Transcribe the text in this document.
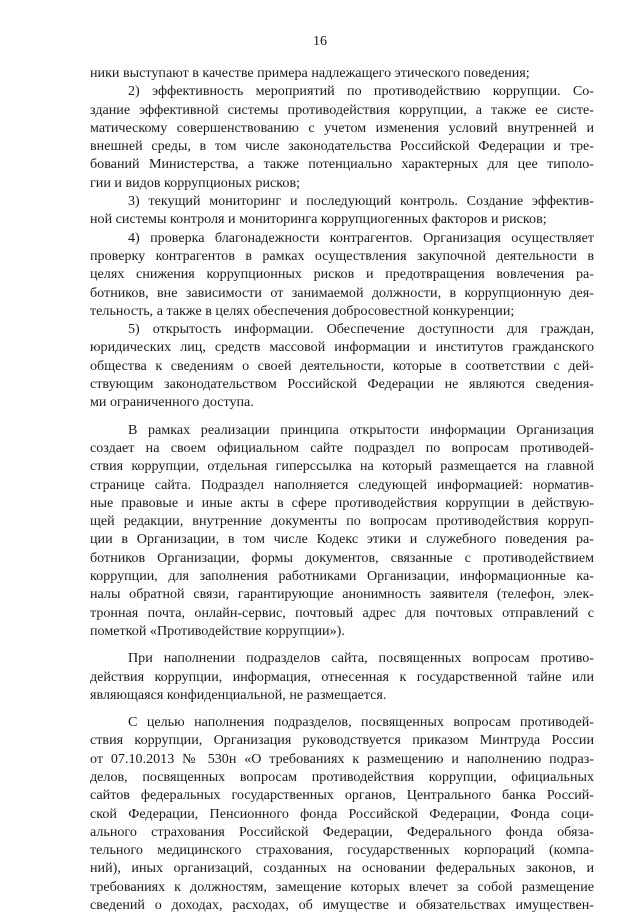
16
ники выступают в качестве примера надлежащего этического поведения;
2) эффективность мероприятий по противодействию коррупции. Со-
здание эффективной системы противодействия коррупции, а также ее систе-
матическому совершенствованию с учетом изменения условий внутренней и
внешней среды, в том числе законодательства Российской Федерации и тре-
бований Министерства, а также потенциально характерных для цее типоло-
гии и видов коррупционых рисков;
3) текущий мониторинг и последующий контроль. Создание эффектив-
ной системы контроля и мониторинга коррупциогенных факторов и рисков;
4) проверка благонадежности контрагентов. Организация осуществляет
проверку контрагентов в рамках осуществления закупочной деятельности в
целях снижения коррупционных рисков и предотвращения вовлечения ра-
ботников, вне зависимости от занимаемой должности, в коррупционную дея-
тельность, а также в целях обеспечения добросовестной конкуренции;
5) открытость информации. Обеспечение доступности для граждан,
юридических лиц, средств массовой информации и институтов гражданского
общества к сведениям о своей деятельности, которые в соответствии с дей-
ствующим законодательством Российской Федерации не являются сведения-
ми ограниченного доступа.
В рамках реализации принципа открытости информации Организация
создает на своем официальном сайте подраздел по вопросам противодей-
ствия коррупции, отдельная гиперссылка на который размещается на главной
странице сайта. Подраздел наполняется следующей информацией: норматив-
ные правовые и иные акты в сфере противодействия коррупции в действую-
щей редакции, внутренние документы по вопросам противодействия корруп-
ции в Организации, в том числе Кодекс этики и служебного поведения ра-
ботников Организации, формы документов, связанные с противодействием
коррупции, для заполнения работниками Организации, информационные ка-
налы обратной связи, гарантирующие анонимность заявителя (телефон, элек-
тронная почта, онлайн-сервис, почтовый адрес для почтовых отправлений с
пометкой «Противодействие коррупции»).
При наполнении подразделов сайта, посвященных вопросам противо-
действия коррупции, информация, отнесенная к государственной тайне или
являющаяся конфиденциальной, не размещается.
С целью наполнения подразделов, посвященных вопросам противодей-
ствия коррупции, Организация руководствуется приказом Минтруда России
от 07.10.2013 № 530н «О требованиях к размещению и наполнению подраз-
делов, посвященных вопросам противодействия коррупции, официальных
сайтов федеральных государственных органов, Центрального банка Россий-
ской Федерации, Пенсионного фонда Российской Федерации, Фонда соци-
ального страхования Российской Федерации, Федерального фонда обяза-
тельного медицинского страхования, государственных корпораций (компа-
ний), иных организаций, созданных на основании федеральных законов, и
требованиях к должностям, замещение которых влечет за собой размещение
сведений о доходах, расходах, об имуществе и обязательствах имуществен-
